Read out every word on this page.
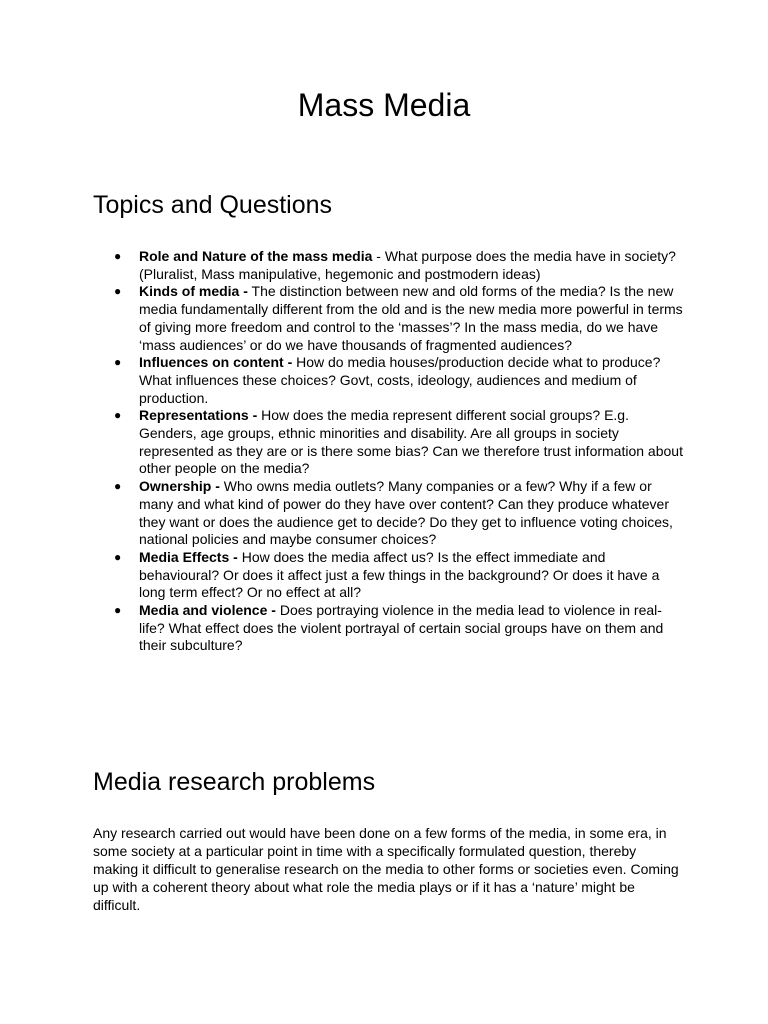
Mass Media
Topics and Questions
● Role and Nature of the mass media - What purpose does the media have in society? (Pluralist, Mass manipulative, hegemonic and postmodern ideas)
● Kinds of media - The distinction between new and old forms of the media? Is the new media fundamentally different from the old and is the new media more powerful in terms of giving more freedom and control to the ‘masses’? In the mass media, do we have ‘mass audiences’ or do we have thousands of fragmented audiences?
● Influences on content - How do media houses/production decide what to produce? What influences these choices? Govt, costs, ideology, audiences and medium of production.
● Representations - How does the media represent different social groups? E.g. Genders, age groups, ethnic minorities and disability. Are all groups in society represented as they are or is there some bias? Can we therefore trust information about other people on the media?
● Ownership - Who owns media outlets? Many companies or a few? Why if a few or many and what kind of power do they have over content? Can they produce whatever they want or does the audience get to decide? Do they get to influence voting choices, national policies and maybe consumer choices?
● Media Effects - How does the media affect us? Is the effect immediate and behavioural? Or does it affect just a few things in the background? Or does it have a long term effect? Or no effect at all?
● Media and violence - Does portraying violence in the media lead to violence in real-life? What effect does the violent portrayal of certain social groups have on them and their subculture?
Media research problems

Any research carried out would have been done on a few forms of the media, in some era, in some society at a particular point in time with a specifically formulated question, thereby making it difficult to generalise research on the media to other forms or societies even. Coming up with a coherent theory about what role the media plays or if it has a ‘nature’ might be difficult.
